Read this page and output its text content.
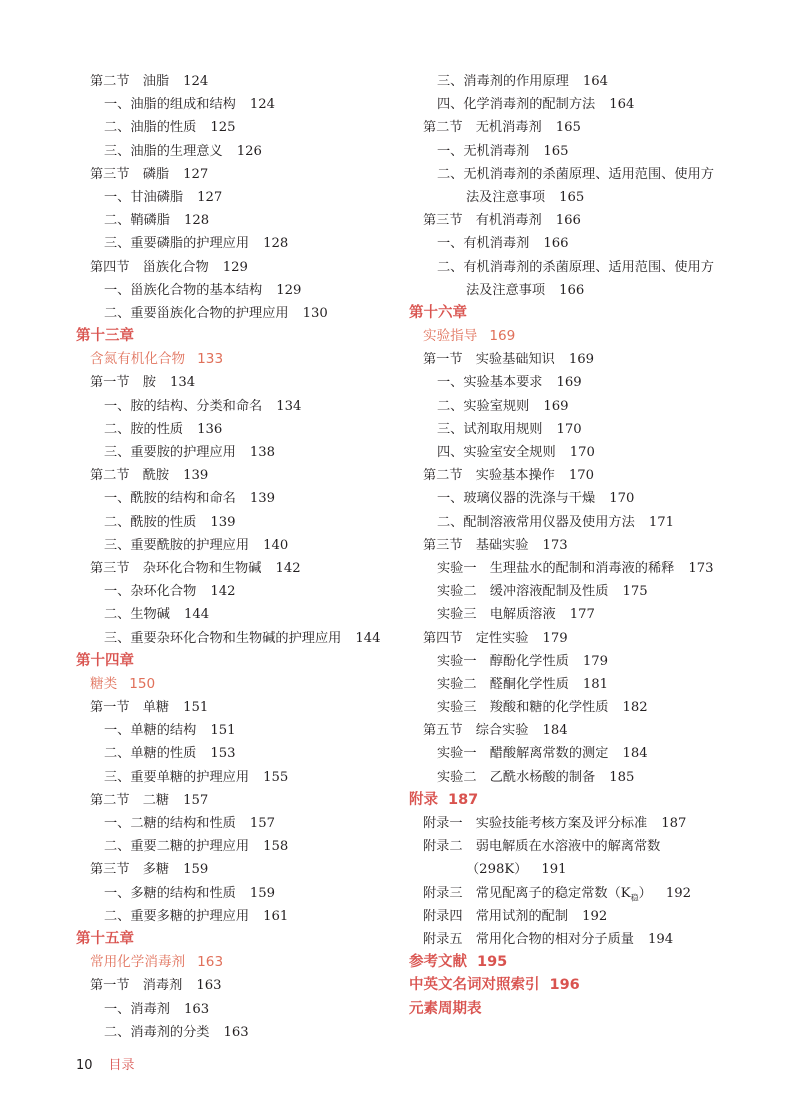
第二节　油脂 124
一、油脂的组成和结构 124
二、油脂的性质 125
三、油脂的生理意义 126
第三节　磷脂 127
一、甘油磷脂 127
二、鞘磷脂 128
三、重要磷脂的护理应用 128
第四节　甾族化合物 129
一、甾族化合物的基本结构 129
二、重要甾族化合物的护理应用 130
第十三章
含氮有机化合物 133
第一节　胺 134
一、胺的结构、分类和命名 134
二、胺的性质 136
三、重要胺的护理应用 138
第二节　酰胺 139
一、酰胺的结构和命名 139
二、酰胺的性质 139
三、重要酰胺的护理应用 140
第三节　杂环化合物和生物碱 142
一、杂环化合物 142
二、生物碱 144
三、重要杂环化合物和生物碱的护理应用 144
第十四章
糖类 150
第一节　单糖 151
一、单糖的结构 151
二、单糖的性质 153
三、重要单糖的护理应用 155
第二节　二糖 157
一、二糖的结构和性质 157
二、重要二糖的护理应用 158
第三节　多糖 159
一、多糖的结构和性质 159
二、重要多糖的护理应用 161
第十五章
常用化学消毒剂 163
第一节　消毒剂 163
一、消毒剂 163
二、消毒剂的分类 163
三、消毒剂的作用原理 164
四、化学消毒剂的配制方法 164
第二节　无机消毒剂 165
一、无机消毒剂 165
二、无机消毒剂的杀菌原理、适用范围、使用方
法及注意事项 165
第三节　有机消毒剂 166
一、有机消毒剂 166
二、有机消毒剂的杀菌原理、适用范围、使用方
法及注意事项 166
第十六章
实验指导 169
第一节　实验基础知识 169
一、实验基本要求 169
二、实验室规则 169
三、试剂取用规则 170
四、实验室安全规则 170
第二节　实验基本操作 170
一、玻璃仪器的洗涤与干燥 170
二、配制溶液常用仪器及使用方法 171
第三节　基础实验 173
实验一　生理盐水的配制和消毒液的稀释 173
实验二　缓冲溶液配制及性质 175
实验三　电解质溶液 177
第四节　定性实验 179
实验一　醇酚化学性质 179
实验二　醛酮化学性质 181
实验三　羧酸和糖的化学性质 182
第五节　综合实验 184
实验一　醋酸解离常数的测定 184
实验二　乙酰水杨酸的制备 185
附录 187
附录一　实验技能考核方案及评分标准 187
附录二　弱电解质在水溶液中的解离常数
（298K） 191
附录三　常见配离子的稳定常数$(K_稳)$ 192
附录四　常用试剂的配制 192
附录五　常用化合物的相对分子质量 194
参考文献 195
中英文名词对照索引 196
元素周期表
10 目录
